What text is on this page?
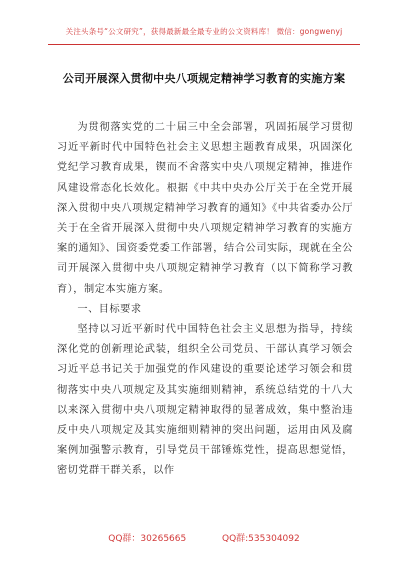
关注头条号“公文研究”，获得最新最全最专业的公文资料库！ 微信：gongwenyj
公司开展深入贯彻中央八项规定精神学习教育的实施方案

为贯彻落实党的二十届三中全会部署，巩固拓展学习贯彻习近平新时代中国特色社会主义思想主题教育成果，巩固深化党纪学习教育成果，锲而不舍落实中央八项规定精神，推进作风建设常态化长效化。根据《中共中央办公厅关于在全党开展深入贯彻中央八项规定精神学习教育的通知》《中共省委办公厅关于在全省开展深入贯彻中央八项规定精神学习教育的实施方案的通知》、国资委党委工作部署，结合公司实际，现就在全公司开展深入贯彻中央八项规定精神学习教育（以下简称学习教育），制定本实施方案。

一、目标要求

坚持以习近平新时代中国特色社会主义思想为指导，持续深化党的创新理论武装，组织全公司党员、干部认真学习领会习近平总书记关于加强党的作风建设的重要论述学习领会和贯彻落实中央八项规定及其实施细则精神，系统总结党的十八大以来深入贯彻中央八项规定精神取得的显著成效，集中整治违反中央八项规定及其实施细则精神的突出问题，运用由风及腐案例加强警示教育，引导党员干部锤炼党性，提高思想觉悟，密切党群干群关系，以作

QQ群：30265665	QQ群:535304092
